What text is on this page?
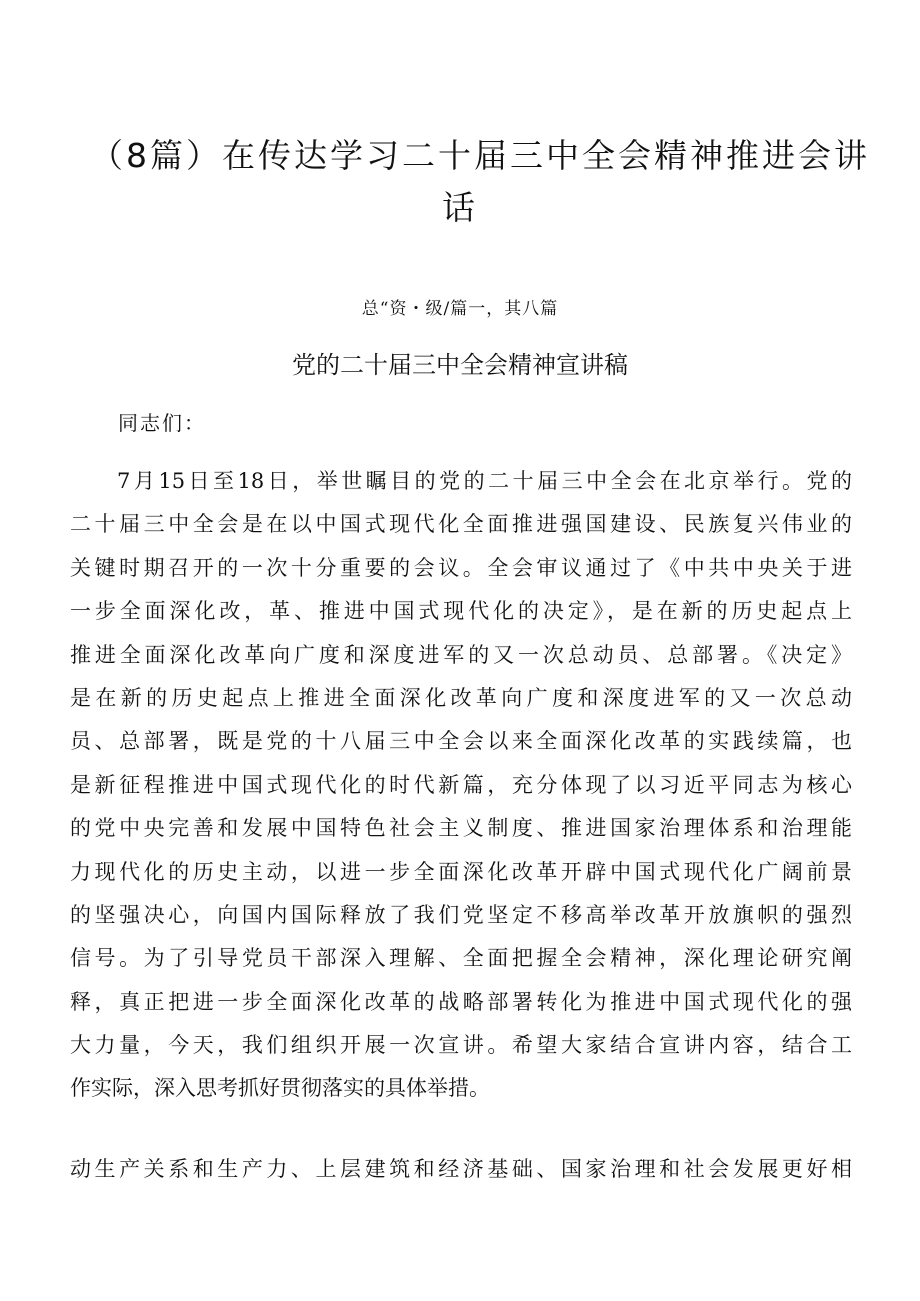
（8篇）在传达学习二十届三中全会精神推进会讲
话
总“资・级/篇一，其八篇
党的二十届三中全会精神宣讲稿
同志们：
7月15日至18日，举世瞩目的党的二十届三中全会在北京举行。党的
二十届三中全会是在以中国式现代化全面推进强国建设、民族复兴伟业的
关键时期召开的一次十分重要的会议。全会审议通过了《中共中央关于进
一步全面深化改，革、推进中国式现代化的决定》，是在新的历史起点上
推进全面深化改革向广度和深度进军的又一次总动员、总部署。《决定》
是在新的历史起点上推进全面深化改革向广度和深度进军的又一次总动
员、总部署，既是党的十八届三中全会以来全面深化改革的实践续篇，也
是新征程推进中国式现代化的时代新篇，充分体现了以习近平同志为核心
的党中央完善和发展中国特色社会主义制度、推进国家治理体系和治理能
力现代化的历史主动，以进一步全面深化改革开辟中国式现代化广阔前景
的坚强决心，向国内国际释放了我们党坚定不移高举改革开放旗帜的强烈
信号。为了引导党员干部深入理解、全面把握全会精神，深化理论研究阐
释，真正把进一步全面深化改革的战略部署转化为推进中国式现代化的强
大力量，今天，我们组织开展一次宣讲。希望大家结合宣讲内容，结合工
作实际，深入思考抓好贯彻落实的具体举措。
动生产关系和生产力、上层建筑和经济基础、国家治理和社会发展更好相
